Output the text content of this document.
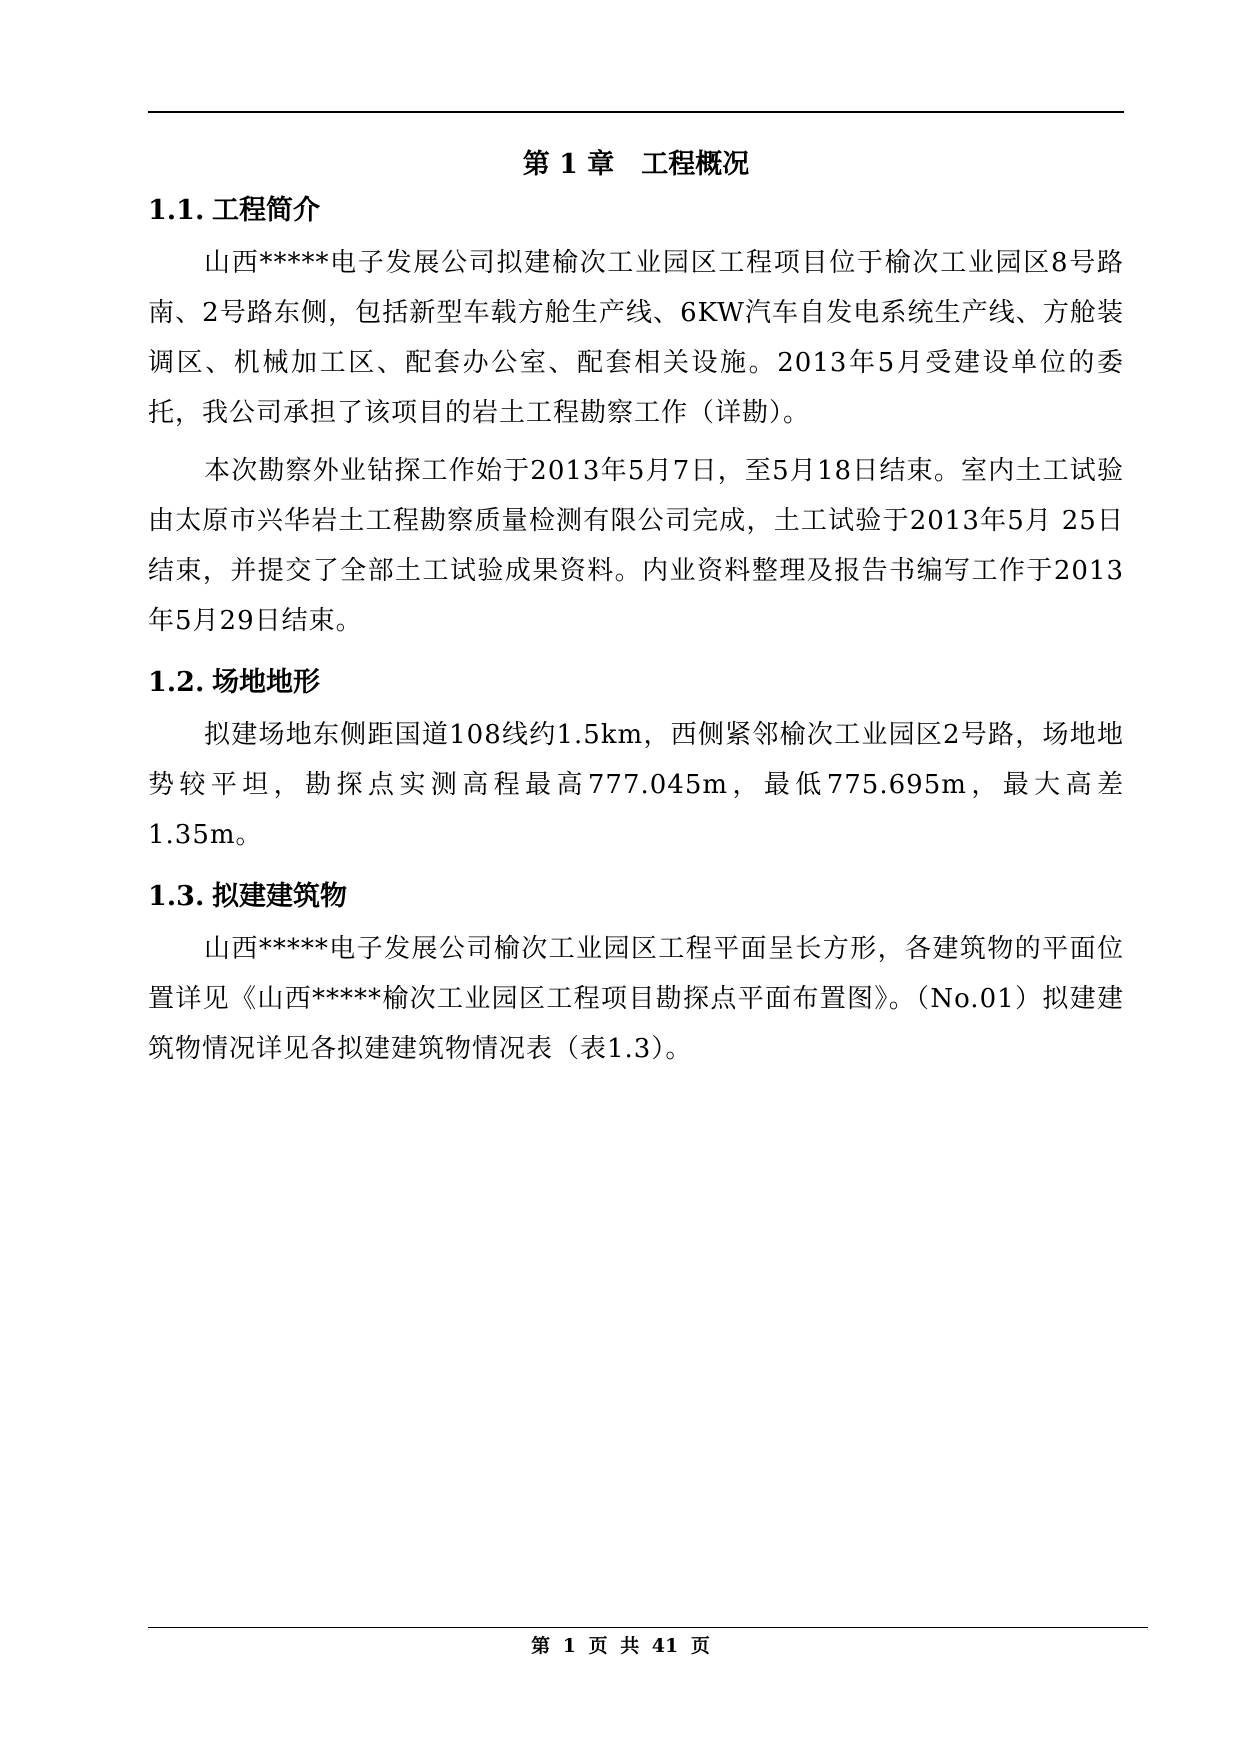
第 1 章　工程概况
1.1. 工程简介

山西*****电子发展公司拟建榆次工业园区工程项目位于榆次工业园区8号路南、2号路东侧，包括新型车载方舱生产线、6KW汽车自发电系统生产线、方舱装调区、机械加工区、配套办公室、配套相关设施。2013年5月受建设单位的委托，我公司承担了该项目的岩土工程勘察工作（详勘）。

本次勘察外业钻探工作始于2013年5月7日，至5月18日结束。室内土工试验由太原市兴华岩土工程勘察质量检测有限公司完成，土工试验于2013年5月 25日结束，并提交了全部土工试验成果资料。内业资料整理及报告书编写工作于2013年5月29日结束。

1.2. 场地地形

拟建场地东侧距国道108线约1.5km，西侧紧邻榆次工业园区2号路，场地地势较平坦，勘探点实测高程最高777.045m，最低775.695m，最大高差1.35m。

1.3. 拟建建筑物

山西*****电子发展公司榆次工业园区工程平面呈长方形，各建筑物的平面位置详见《山西*****榆次工业园区工程项目勘探点平面布置图》。（No.01）拟建建筑物情况详见各拟建建筑物情况表（表1.3）。

第 1 页 共 41 页
